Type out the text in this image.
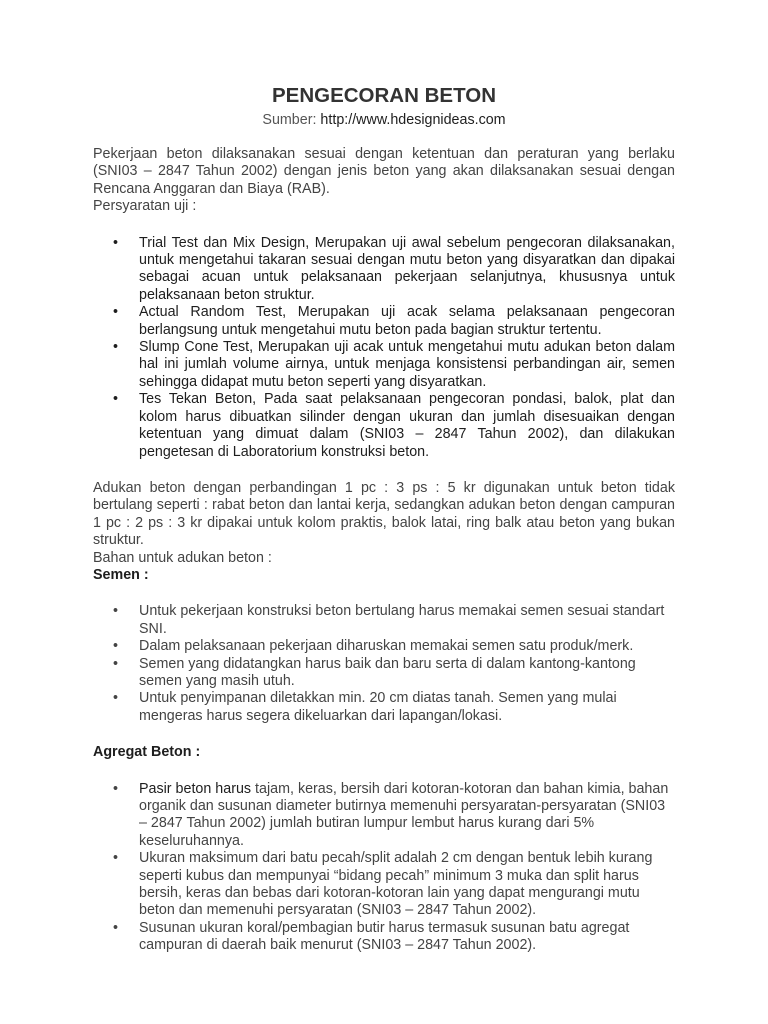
PENGECORAN BETON
Sumber: http://www.hdesignideas.com

Pekerjaan beton dilaksanakan sesuai dengan ketentuan dan peraturan yang berlaku (SNI03 – 2847 Tahun 2002) dengan jenis beton yang akan dilaksanakan sesuai dengan Rencana Anggaran dan Biaya (RAB).

Persyaratan uji :

•	Trial Test dan Mix Design, Merupakan uji awal sebelum pengecoran dilaksanakan, untuk mengetahui takaran sesuai dengan mutu beton yang disyaratkan dan dipakai sebagai acuan untuk pelaksanaan pekerjaan selanjutnya, khususnya untuk pelaksanaan beton struktur.
•	Actual Random Test, Merupakan uji acak selama pelaksanaan pengecoran berlangsung untuk mengetahui mutu beton pada bagian struktur tertentu.
•	Slump Cone Test, Merupakan uji acak untuk mengetahui mutu adukan beton dalam hal ini jumlah volume airnya, untuk menjaga konsistensi perbandingan air, semen sehingga didapat mutu beton seperti yang disyaratkan.
•	Tes Tekan Beton, Pada saat pelaksanaan pengecoran pondasi, balok, plat dan kolom harus dibuatkan silinder dengan ukuran dan jumlah disesuaikan dengan ketentuan yang dimuat dalam (SNI03 – 2847 Tahun 2002), dan dilakukan pengetesan di Laboratorium konstruksi beton.

Adukan beton dengan perbandingan 1 pc : 3 ps : 5 kr digunakan untuk beton tidak bertulang seperti : rabat beton dan lantai kerja, sedangkan adukan beton dengan campuran 1 pc : 2 ps : 3 kr dipakai untuk kolom praktis, balok latai, ring balk atau beton yang bukan struktur.

Bahan untuk adukan beton :

Semen :

•	Untuk pekerjaan konstruksi beton bertulang harus memakai semen sesuai standart SNI.
•	Dalam pelaksanaan pekerjaan diharuskan memakai semen satu produk/merk.
•	Semen yang didatangkan harus baik dan baru serta di dalam kantong-kantong semen yang masih utuh.
•	Untuk penyimpanan diletakkan min. 20 cm diatas tanah. Semen yang mulai mengeras harus segera dikeluarkan dari lapangan/lokasi.

Agregat Beton :

•	Pasir beton harus tajam, keras, bersih dari kotoran-kotoran dan bahan kimia, bahan organik dan susunan diameter butirnya memenuhi persyaratan-persyaratan (SNI03 – 2847 Tahun 2002) jumlah butiran lumpur lembut harus kurang dari 5% keseluruhannya.
•	Ukuran maksimum dari batu pecah/split adalah 2 cm dengan bentuk lebih kurang seperti kubus dan mempunyai “bidang pecah” minimum 3 muka dan split harus bersih, keras dan bebas dari kotoran-kotoran lain yang dapat mengurangi mutu beton dan memenuhi persyaratan (SNI03 – 2847 Tahun 2002).
•	Susunan ukuran koral/pembagian butir harus termasuk susunan batu agregat campuran di daerah baik menurut (SNI03 – 2847 Tahun 2002).
